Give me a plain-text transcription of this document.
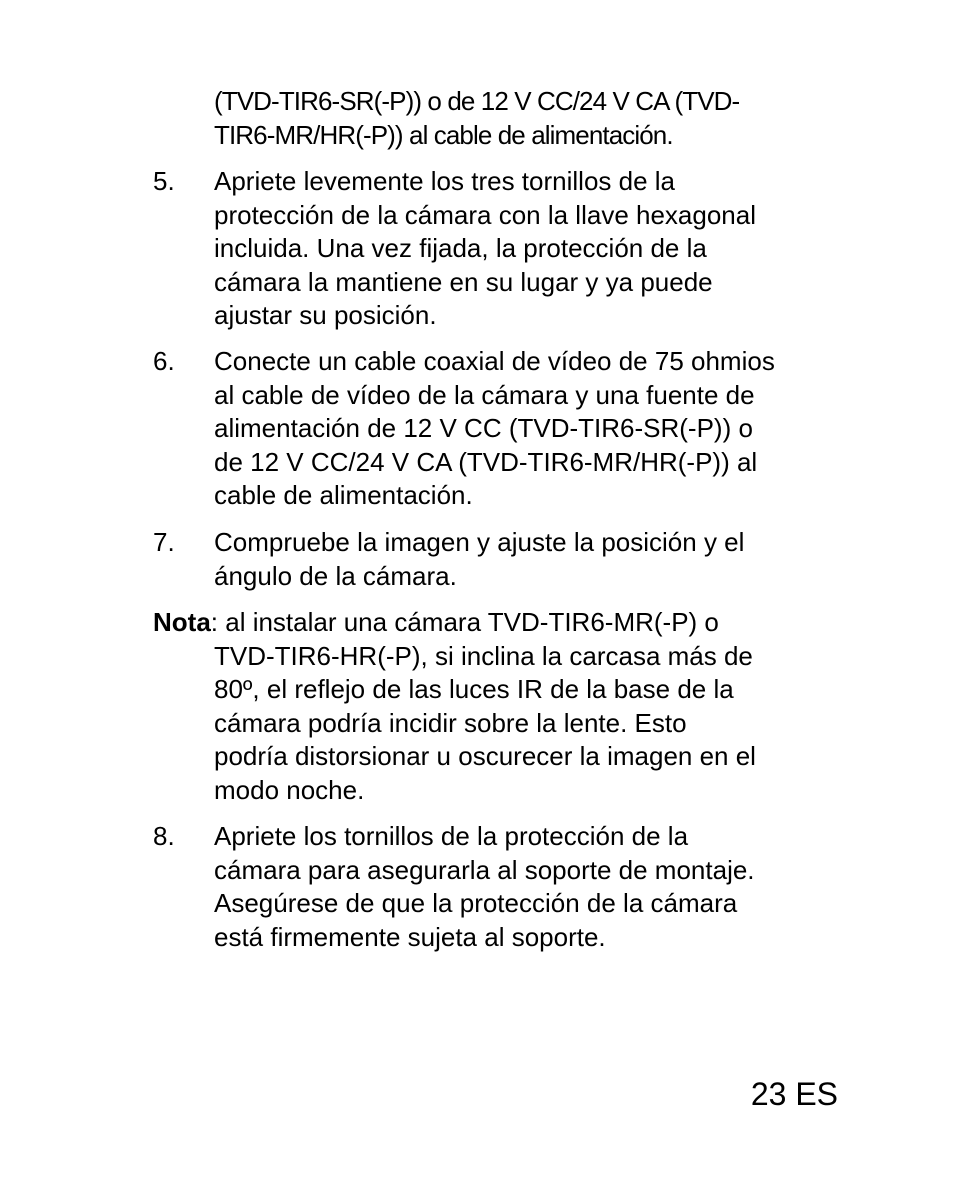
(TVD-TIR6-SR(-P)) o de 12 V CC/24 V CA (TVD-
TIR6-MR/HR(-P)) al cable de alimentación.
5.	Apriete levemente los tres tornillos de la
protección de la cámara con la llave hexagonal
incluida. Una vez fijada, la protección de la
cámara la mantiene en su lugar y ya puede
ajustar su posición.
6.	Conecte un cable coaxial de vídeo de 75 ohmios
al cable de vídeo de la cámara y una fuente de
alimentación de 12 V CC (TVD-TIR6-SR(-P)) o
de 12 V CC/24 V CA (TVD-TIR6-MR/HR(-P)) al
cable de alimentación.
7.	Compruebe la imagen y ajuste la posición y el
ángulo de la cámara.
Nota: al instalar una cámara TVD-TIR6-MR(-P) o
TVD-TIR6-HR(-P), si inclina la carcasa más de
80º, el reflejo de las luces IR de la base de la
cámara podría incidir sobre la lente. Esto
podría distorsionar u oscurecer la imagen en el
modo noche.
8.	Apriete los tornillos de la protección de la
cámara para asegurarla al soporte de montaje.
Asegúrese de que la protección de la cámara
está firmemente sujeta al soporte.
23 ES
